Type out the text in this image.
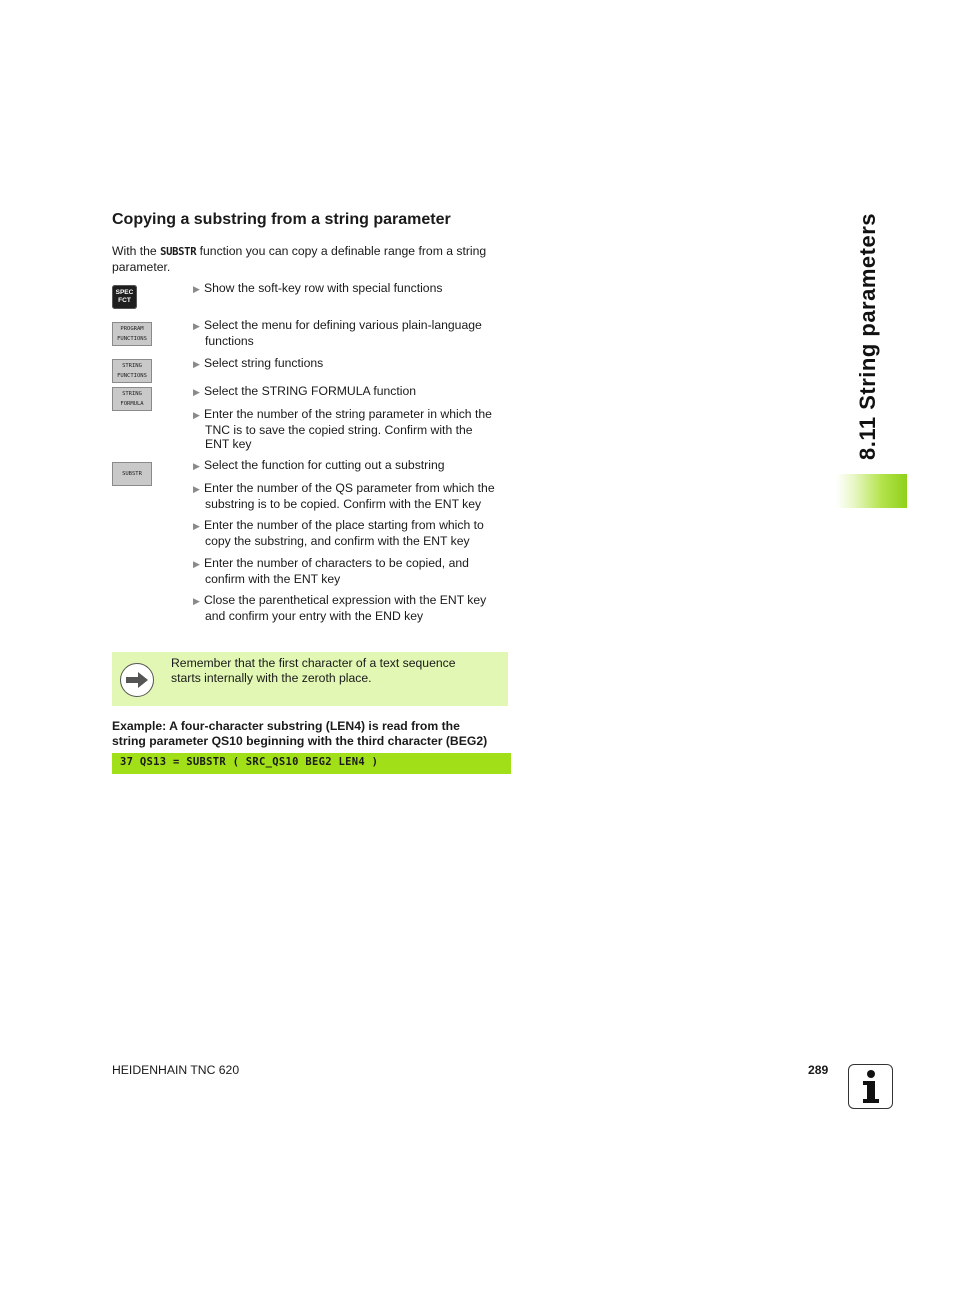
Copying a substring from a string parameter
With the SUBSTR function you can copy a definable range from a string parameter.
SPEC
FCT
PROGRAM
FUNCTIONS
STRING
FUNCTIONS
STRING
FORMULA
SUBSTR
▶ Show the soft-key row with special functions
▶ Select the menu for defining various plain-language
functions
▶ Select string functions
▶ Select the STRING FORMULA function
▶ Enter the number of the string parameter in which the
TNC is to save the copied string. Confirm with the
ENT key
▶ Select the function for cutting out a substring
▶ Enter the number of the QS parameter from which the
substring is to be copied. Confirm with the ENT key
▶ Enter the number of the place starting from which to
copy the substring, and confirm with the ENT key
▶ Enter the number of characters to be copied, and
confirm with the ENT key
▶ Close the parenthetical expression with the ENT key
and confirm your entry with the END key
Remember that the first character of a text sequence
starts internally with the zeroth place.
Example: A four-character substring (LEN4) is read from the
string parameter QS10 beginning with the third character (BEG2)
37 QS13 = SUBSTR ( SRC_QS10 BEG2 LEN4 )
8.11 String parameters
HEIDENHAIN TNC 620	289
